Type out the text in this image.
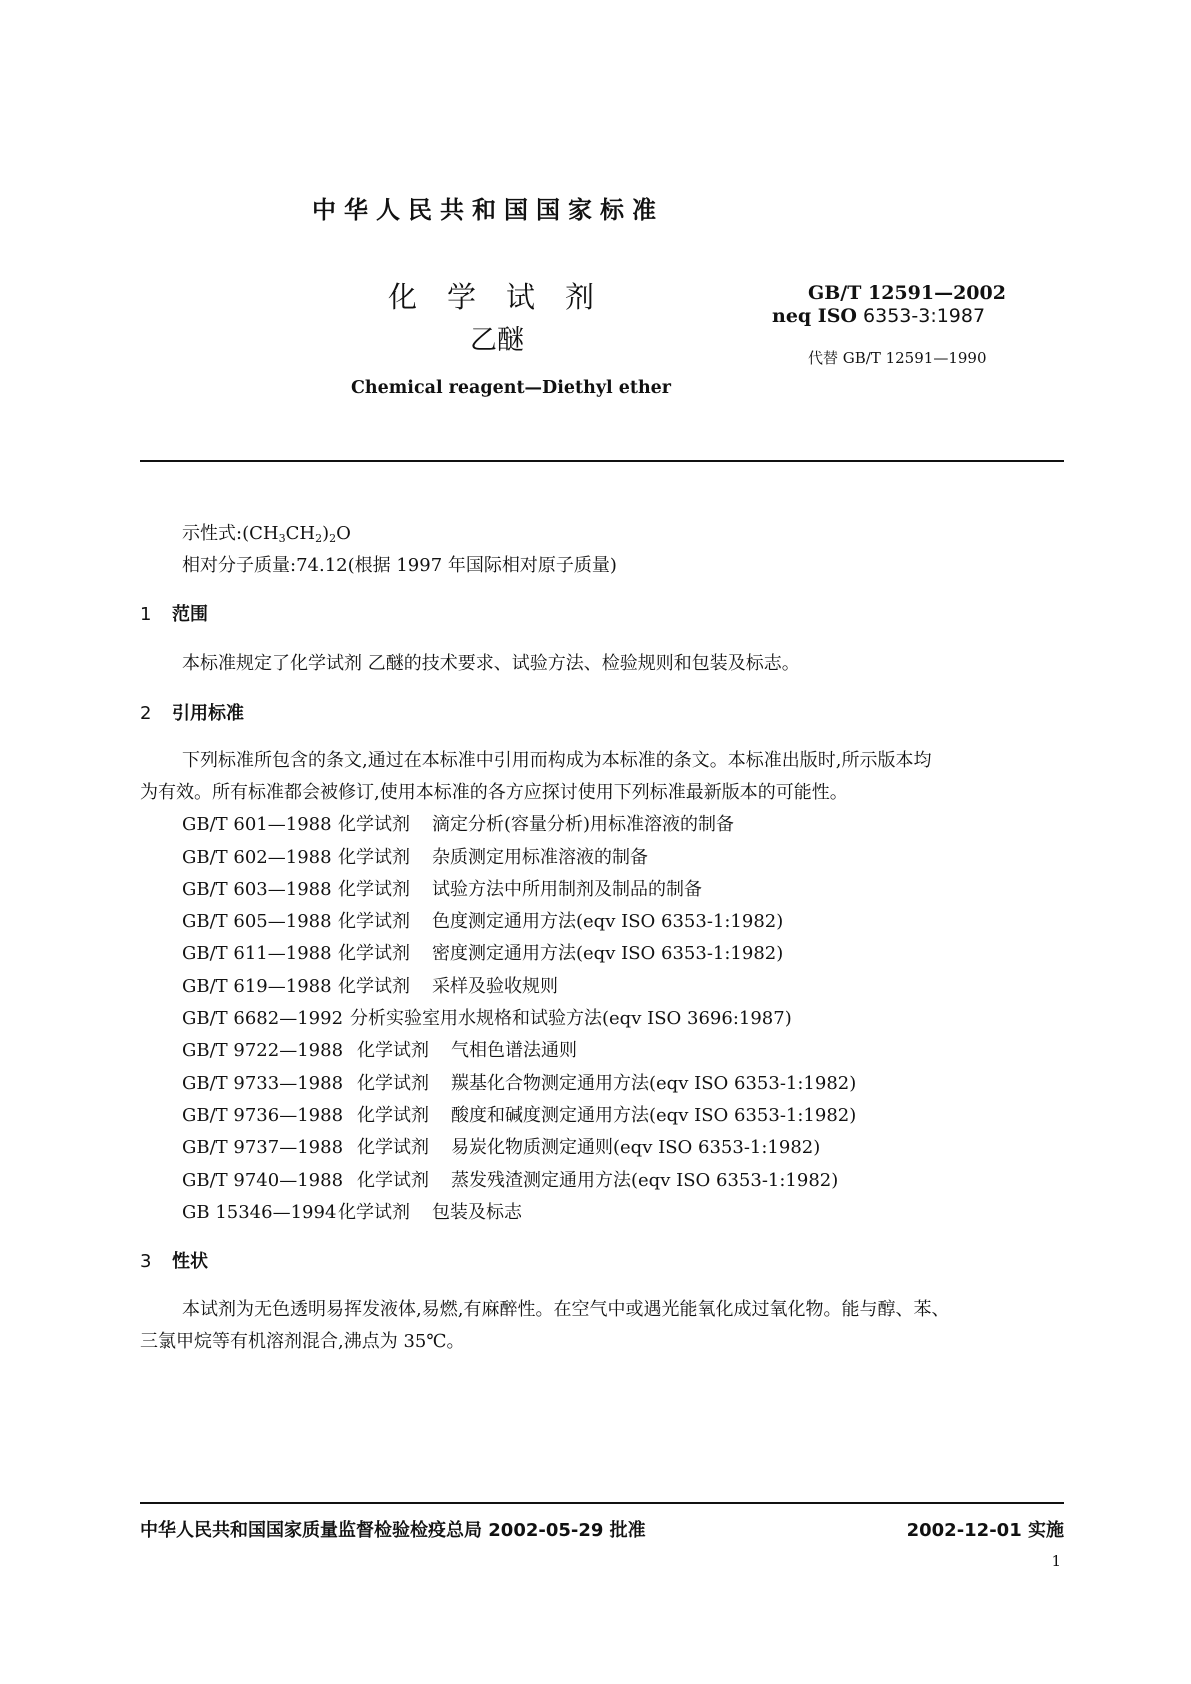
中华人民共和国国家标准
化学试剂
乙醚
Chemical reagent—Diethyl ether
GB/T 12591—2002
neq ISO 6353-3:1987
代替 GB/T 12591—1990
示性式$:(CH_3CH_2)_2O$
相对分子质量:74.12(根据 1997 年国际相对原子质量)
1 范围
本标准规定了化学试剂 乙醚的技术要求、试验方法、检验规则和包装及标志。
2 引用标准
下列标准所包含的条文,通过在本标准中引用而构成为本标准的条文。本标准出版时,所示版本均
为有效。所有标准都会被修订,使用本标准的各方应探讨使用下列标准最新版本的可能性。
GB/T 601—1988 化学试剂 滴定分析(容量分析)用标准溶液的制备
GB/T 602—1988 化学试剂 杂质测定用标准溶液的制备
GB/T 603—1988 化学试剂 试验方法中所用制剂及制品的制备
GB/T 605—1988 化学试剂 色度测定通用方法(eqv ISO 6353-1:1982)
GB/T 611—1988 化学试剂 密度测定通用方法(eqv ISO 6353-1:1982)
GB/T 619—1988 化学试剂 采样及验收规则
GB/T 6682—1992 分析实验室用水规格和试验方法(eqv ISO 3696:1987)
GB/T 9722—1988 化学试剂 气相色谱法通则
GB/T 9733—1988 化学试剂 羰基化合物测定通用方法(eqv ISO 6353-1:1982)
GB/T 9736—1988 化学试剂 酸度和碱度测定通用方法(eqv ISO 6353-1:1982)
GB/T 9737—1988 化学试剂 易炭化物质测定通则(eqv ISO 6353-1:1982)
GB/T 9740—1988 化学试剂 蒸发残渣测定通用方法(eqv ISO 6353-1:1982)
GB 15346—1994化学试剂 包装及标志
3 性状
本试剂为无色透明易挥发液体,易燃,有麻醉性。在空气中或遇光能氧化成过氧化物。能与醇、苯、
三氯甲烷等有机溶剂混合,沸点为 35℃。
中华人民共和国国家质量监督检验检疫总局 2002-05-29 批准	2002-12-01 实施
1
